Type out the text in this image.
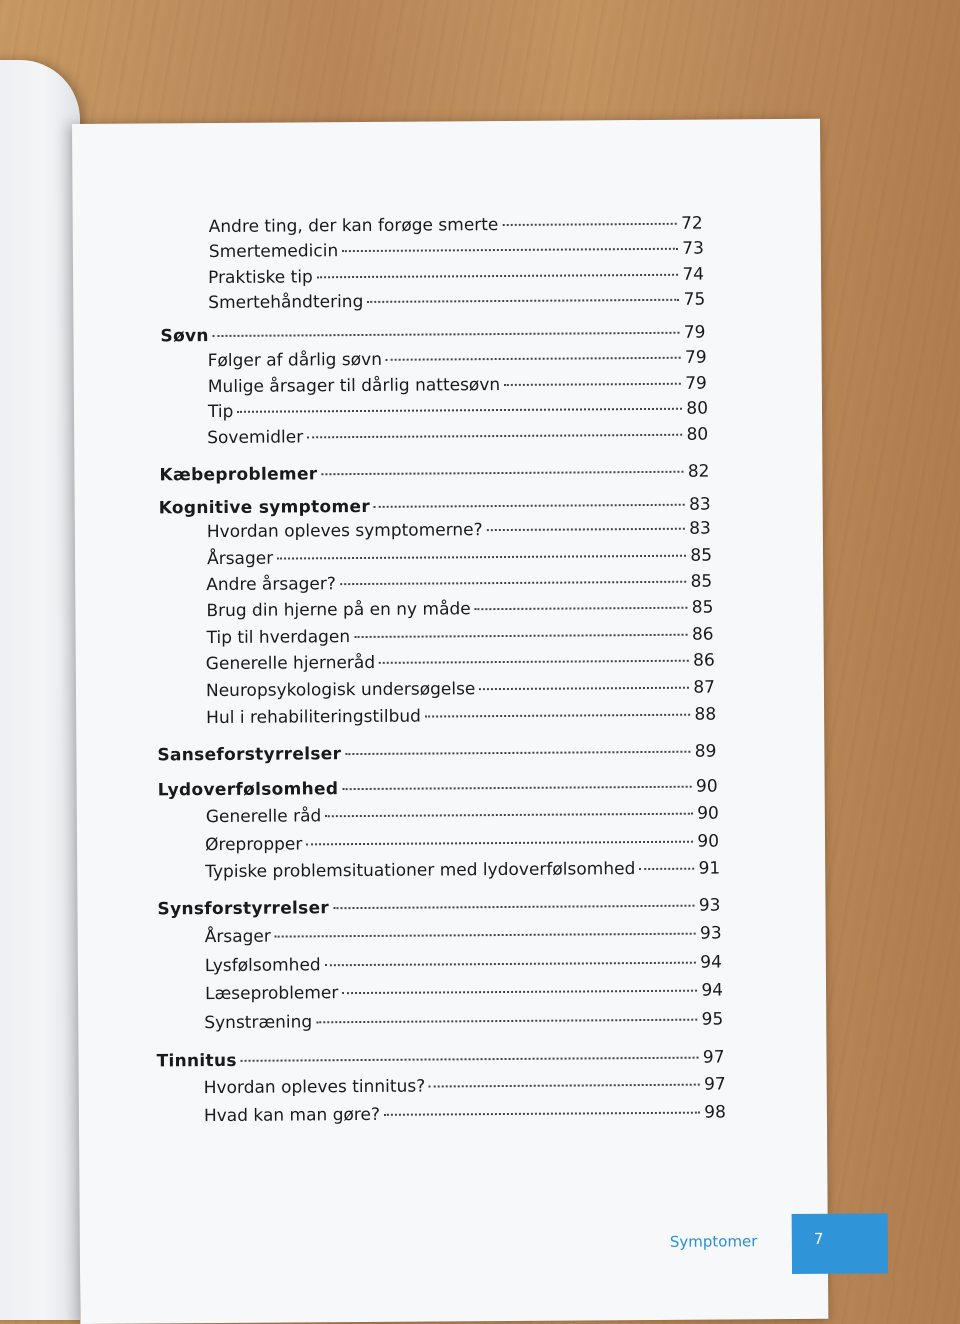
Andre ting, der kan forøge smerte	72
Smertemedicin	73
Praktiske tip	74
Smertehåndtering	75
Søvn	79
Følger af dårlig søvn	79
Mulige årsager til dårlig nattesøvn	79
Tip	80
Sovemidler	80
Kæbeproblemer	82
Kognitive symptomer	83
Hvordan opleves symptomerne?	83
Årsager	85
Andre årsager?	85
Brug din hjerne på en ny måde	85
Tip til hverdagen	86
Generelle hjerneråd	86
Neuropsykologisk undersøgelse	87
Hul i rehabiliteringstilbud	88
Sanseforstyrrelser	89
Lydoverfølsomhed	90
Generelle råd	90
Ørepropper	90
Typiske problemsituationer med lydoverfølsomhed	91
Synsforstyrrelser	93
Årsager	93
Lysfølsomhed	94
Læseproblemer	94
Synstræning	95
Tinnitus	97
Hvordan opleves tinnitus?	97
Hvad kan man gøre?	98
Symptomer	7
